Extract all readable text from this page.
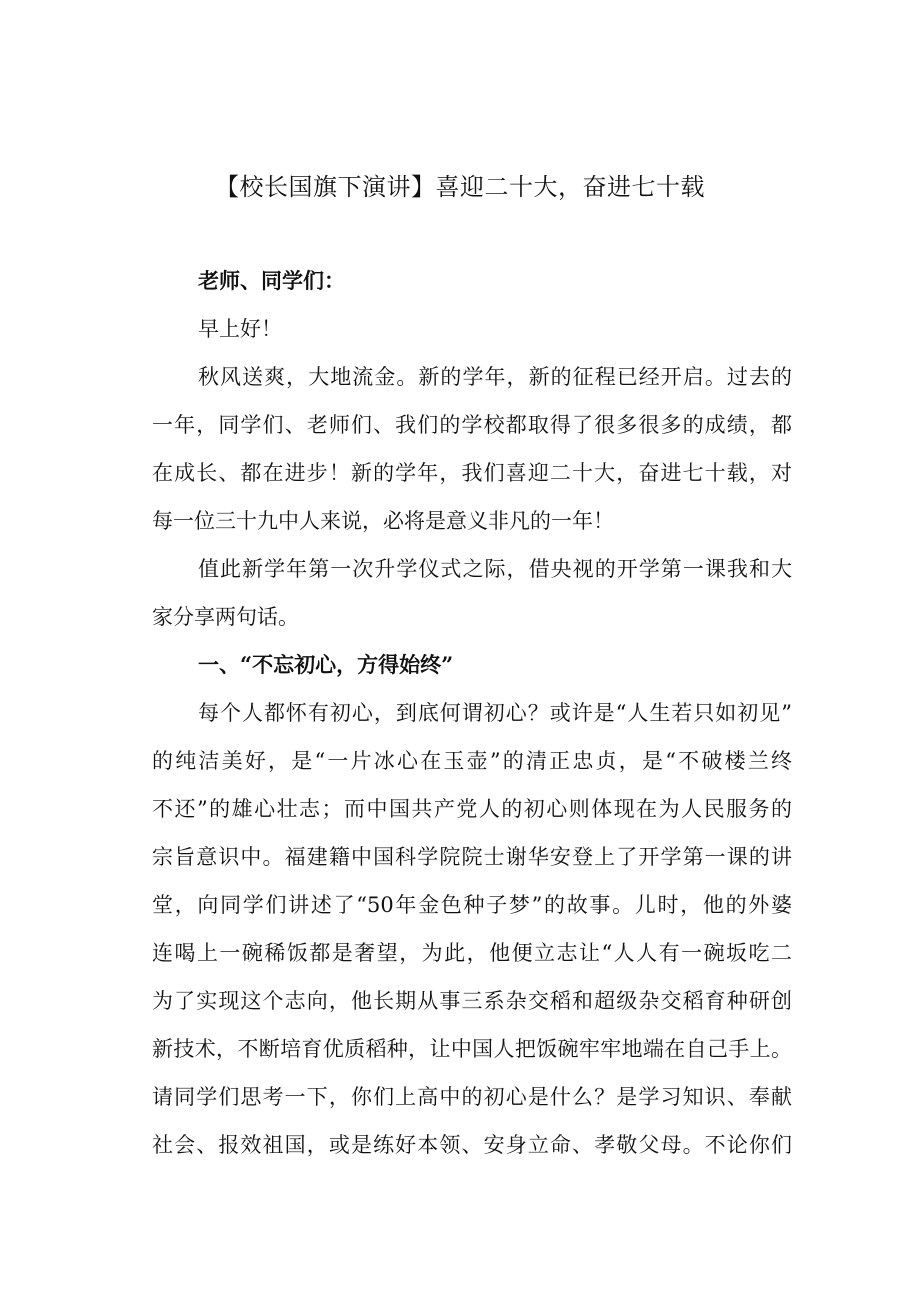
【校长国旗下演讲】喜迎二十大，奋进七十载
老师、同学们：
早上好！
秋风送爽，大地流金。新的学年，新的征程已经开启。过去的
一年，同学们、老师们、我们的学校都取得了很多很多的成绩，都
在成长、都在进步！新的学年，我们喜迎二十大，奋进七十载，对
每一位三十九中人来说，必将是意义非凡的一年！
值此新学年第一次升学仪式之际，借央视的开学第一课我和大
家分享两句话。
一、“不忘初心，方得始终”
每个人都怀有初心，到底何谓初心？或许是“人生若只如初见”
的纯洁美好，是“一片冰心在玉壶”的清正忠贞，是“不破楼兰终
不还”的雄心壮志；而中国共产党人的初心则体现在为人民服务的
宗旨意识中。福建籍中国科学院院士谢华安登上了开学第一课的讲
堂，向同学们讲述了“50年金色种子梦”的故事。儿时，他的外婆
连喝上一碗稀饭都是奢望，为此，他便立志让“人人有一碗坂吃二
为了实现这个志向，他长期从事三系杂交稻和超级杂交稻育种研创
新技术，不断培育优质稻种，让中国人把饭碗牢牢地端在自己手上。
请同学们思考一下，你们上高中的初心是什么？是学习知识、奉献
社会、报效祖国，或是练好本领、安身立命、孝敬父母。不论你们
